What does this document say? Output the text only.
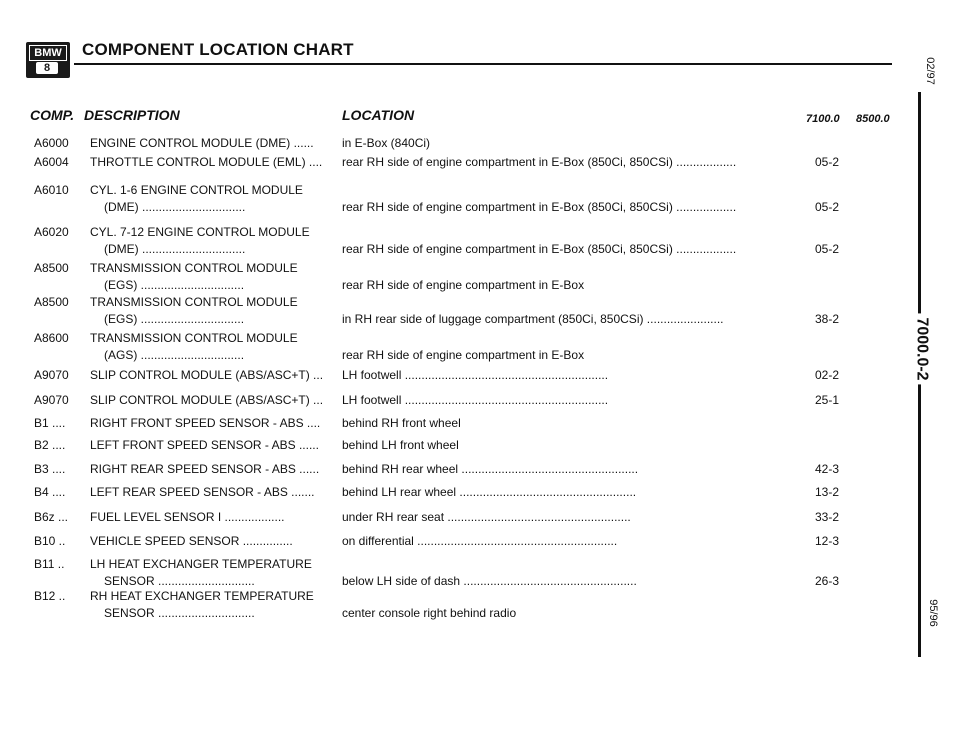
BMW
8
COMPONENT LOCATION CHART
02/97
7000.0-2
95/96
COMP. DESCRIPTION	LOCATION	7100.0 8500.0
A6000 ENGINE CONTROL MODULE (DME) ...... in E-Box (840Ci)
A6004 THROTTLE CONTROL MODULE (EML) .... rear RH side of engine compartment in E-Box (850Ci, 850CSi) ..................	05-2
A6010 CYL. 1-6 ENGINE CONTROL MODULE
(DME) ...............................	rear RH side of engine compartment in E-Box (850Ci, 850CSi) ..................	05-2
A6020 CYL. 7-12 ENGINE CONTROL MODULE
(DME) ...............................	rear RH side of engine compartment in E-Box (850Ci, 850CSi) ..................	05-2
A8500 TRANSMISSION CONTROL MODULE
(EGS) ...............................	rear RH side of engine compartment in E-Box
A8500 TRANSMISSION CONTROL MODULE
(EGS) ...............................	in RH rear side of luggage compartment (850Ci, 850CSi) .......................	38-2
A8600 TRANSMISSION CONTROL MODULE
(AGS) ...............................	rear RH side of engine compartment in E-Box
A9070 SLIP CONTROL MODULE (ABS/ASC+T) ... LH footwell .............................................................	02-2
A9070 SLIP CONTROL MODULE (ABS/ASC+T) ... LH footwell .............................................................	25-1
B1 .... RIGHT FRONT SPEED SENSOR - ABS .... behind RH front wheel
B2 .... LEFT FRONT SPEED SENSOR - ABS ...... behind LH front wheel
B3 .... RIGHT REAR SPEED SENSOR - ABS ...... behind RH rear wheel .....................................................	42-3
B4 .... LEFT REAR SPEED SENSOR - ABS ....... behind LH rear wheel .....................................................	13-2
B6z ... FUEL LEVEL SENSOR I ..................	under RH rear seat .......................................................	33-2
B10 .. VEHICLE SPEED SENSOR ...............	on differential ............................................................	12-3
B11 .. LH HEAT EXCHANGER TEMPERATURE
SENSOR .............................	below LH side of dash ....................................................	26-3
B12 .. RH HEAT EXCHANGER TEMPERATURE
SENSOR .............................	center console right behind radio
